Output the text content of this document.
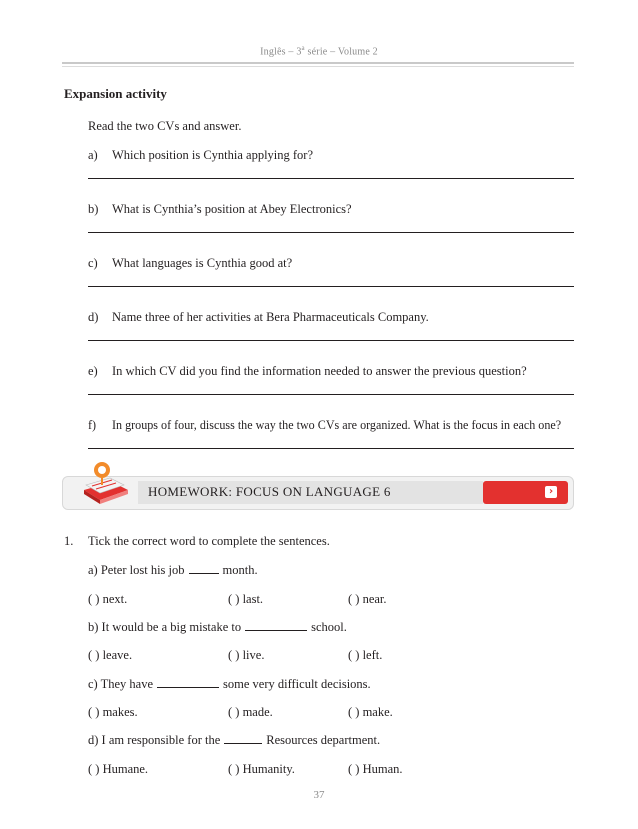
Inglês – 3$^a$ série – Volume 2
Expansion activity
Read the two CVs and answer.
a) Which position is Cynthia applying for?
b) What is Cynthia’s position at Abey Electronics?
c) What languages is Cynthia good at?
d) Name three of her activities at Bera Pharmaceuticals Company.
e) In which CV did you find the information needed to answer the previous question?
f) In groups of four, discuss the way the two CVs are organized. What is the focus in each one?
HOMEWORK: FOCUS ON LANGUAGE 6	›
1. Tick the correct word to complete the sentences.
a) Peter lost his job	month.
( ) next.	( ) last.	( ) near.
b) It would be a big mistake to	school.
( ) leave.	( ) live.	( ) left.
c) They have	some very difficult decisions.
( ) makes.	( ) made.	( ) make.
d) I am responsible for the	Resources department.
( ) Humane.	( ) Humanity.	( ) Human.
37
